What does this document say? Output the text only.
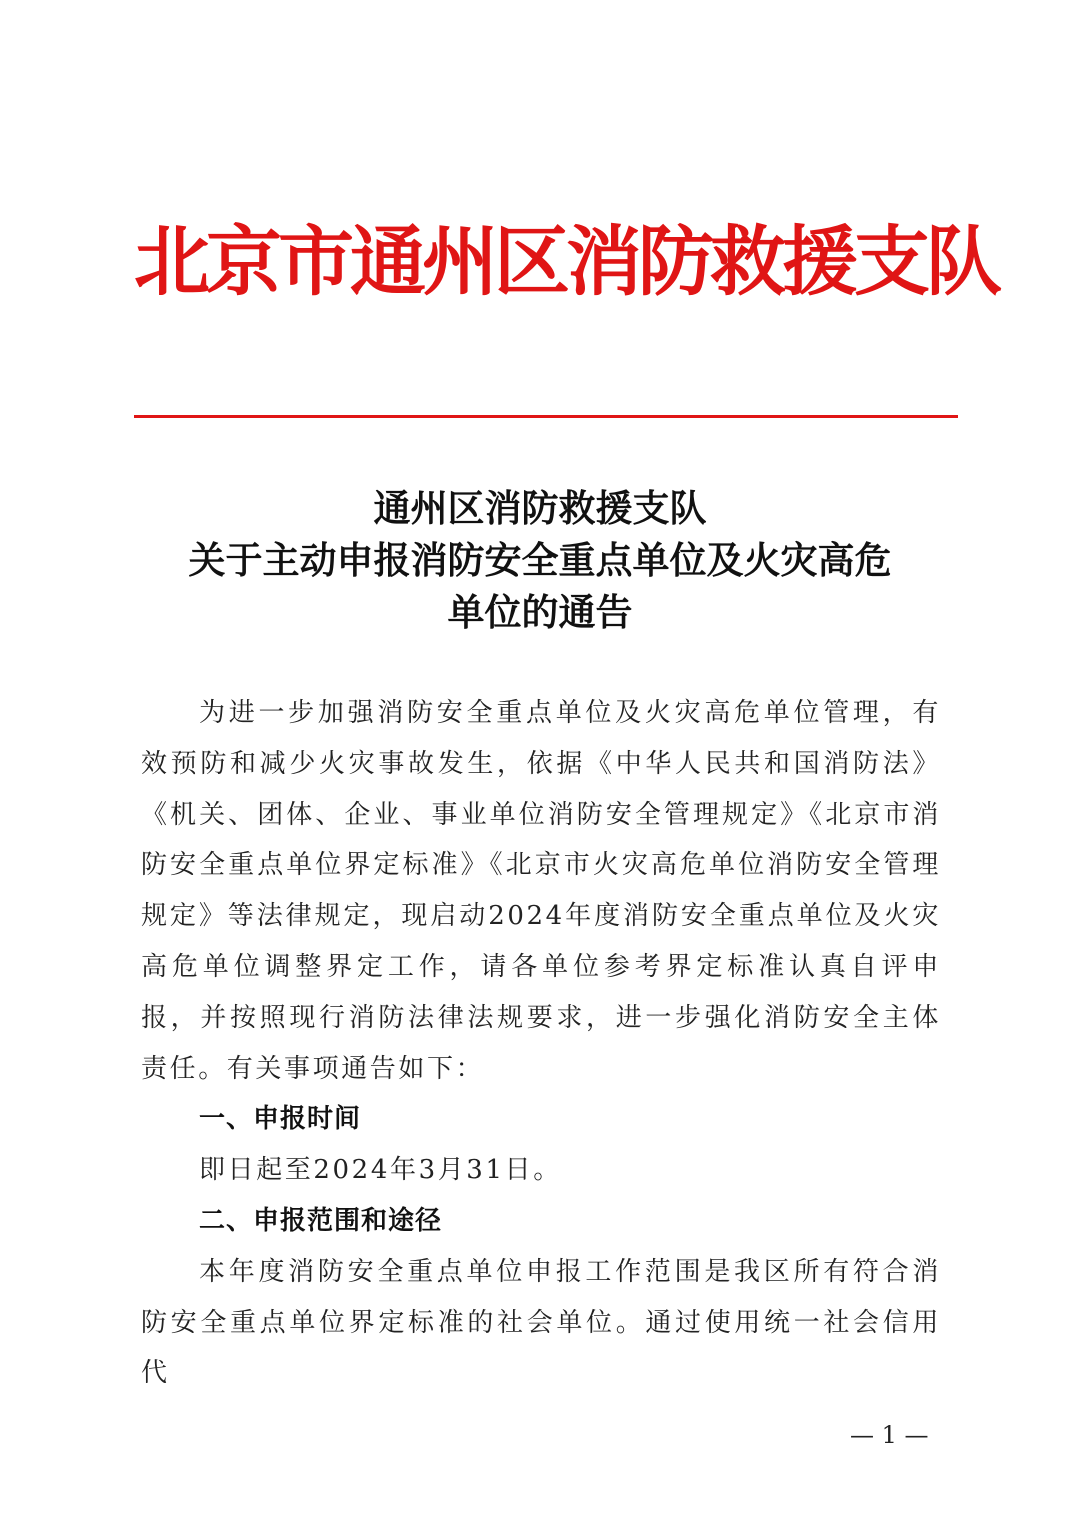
北京市通州区消防救援支队
通州区消防救援支队
关于主动申报消防安全重点单位及火灾高危
单位的通告

为进一步加强消防安全重点单位及火灾高危单位管理，有效预防和减少火灾事故发生，依据《中华人民共和国消防法》《机关、团体、企业、事业单位消防安全管理规定》《北京市消防安全重点单位界定标准》《北京市火灾高危单位消防安全管理规定》等法律规定，现启动2024年度消防安全重点单位及火灾高危单位调整界定工作，请各单位参考界定标准认真自评申报，并按照现行消防法律法规要求，进一步强化消防安全主体责任。有关事项通告如下：

一、申报时间

即日起至2024年3月31日。

二、申报范围和途径

本年度消防安全重点单位申报工作范围是我区所有符合消防安全重点单位界定标准的社会单位。通过使用统一社会信用代

— 1 —
